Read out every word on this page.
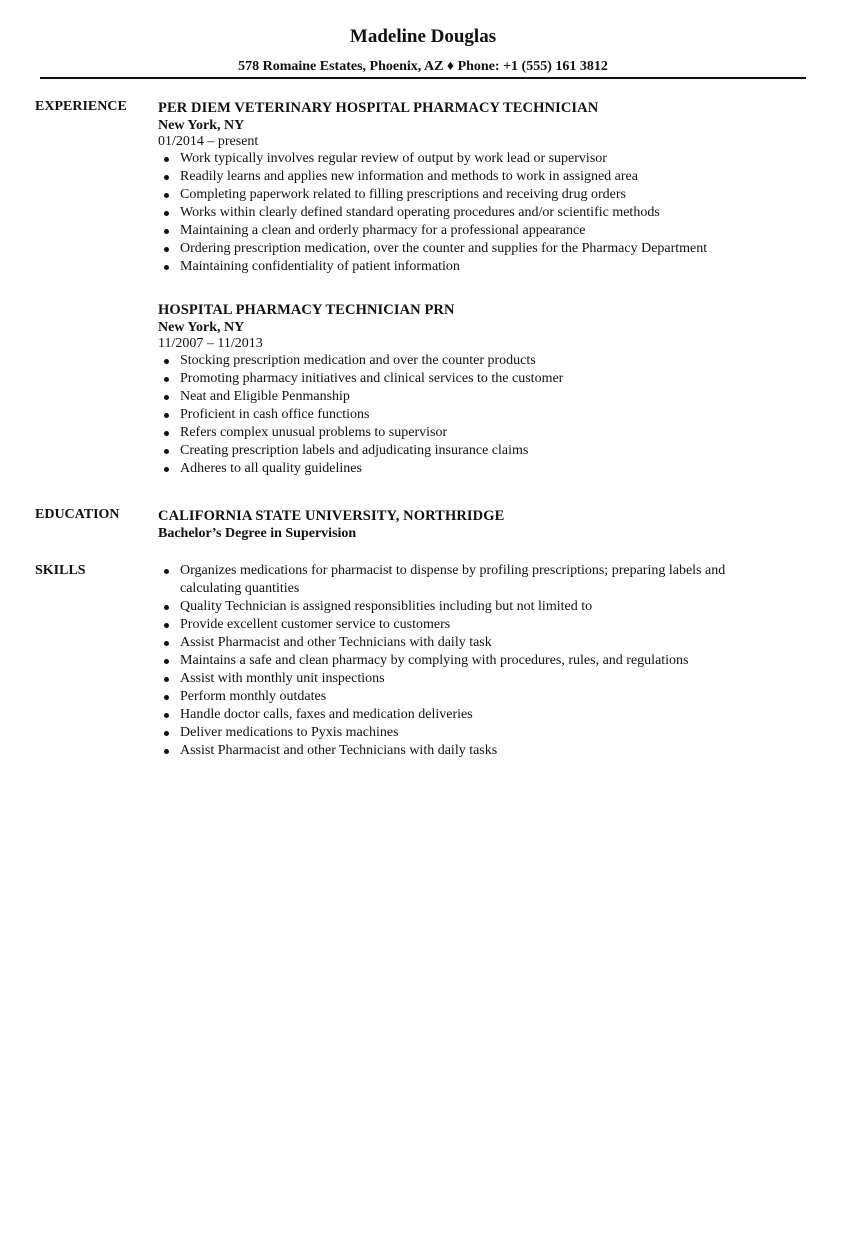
Madeline Douglas
578 Romaine Estates, Phoenix, AZ ♦ Phone: +1 (555) 161 3812
EXPERIENCE PER DIEM VETERINARY HOSPITAL PHARMACY TECHNICIAN
New York, NY
01/2014 – present
Work typically involves regular review of output by work lead or supervisor
Readily learns and applies new information and methods to work in assigned area
Completing paperwork related to filling prescriptions and receiving drug orders
Works within clearly defined standard operating procedures and/or scientific methods
Maintaining a clean and orderly pharmacy for a professional appearance
Ordering prescription medication, over the counter and supplies for the Pharmacy Department
Maintaining confidentiality of patient information
HOSPITAL PHARMACY TECHNICIAN PRN
New York, NY
11/2007 – 11/2013
Stocking prescription medication and over the counter products
Promoting pharmacy initiatives and clinical services to the customer
Neat and Eligible Penmanship
Proficient in cash office functions
Refers complex unusual problems to supervisor
Creating prescription labels and adjudicating insurance claims
Adheres to all quality guidelines
EDUCATION	CALIFORNIA STATE UNIVERSITY, NORTHRIDGE
Bachelor’s Degree in Supervision
SKILLS	Organizes medications for pharmacist to dispense by profiling prescriptions; preparing labels and calculating quantities
Quality Technician is assigned responsiblities including but not limited to
Provide excellent customer service to customers
Assist Pharmacist and other Technicians with daily task
Maintains a safe and clean pharmacy by complying with procedures, rules, and regulations
Assist with monthly unit inspections
Perform monthly outdates
Handle doctor calls, faxes and medication deliveries
Deliver medications to Pyxis machines
Assist Pharmacist and other Technicians with daily tasks
